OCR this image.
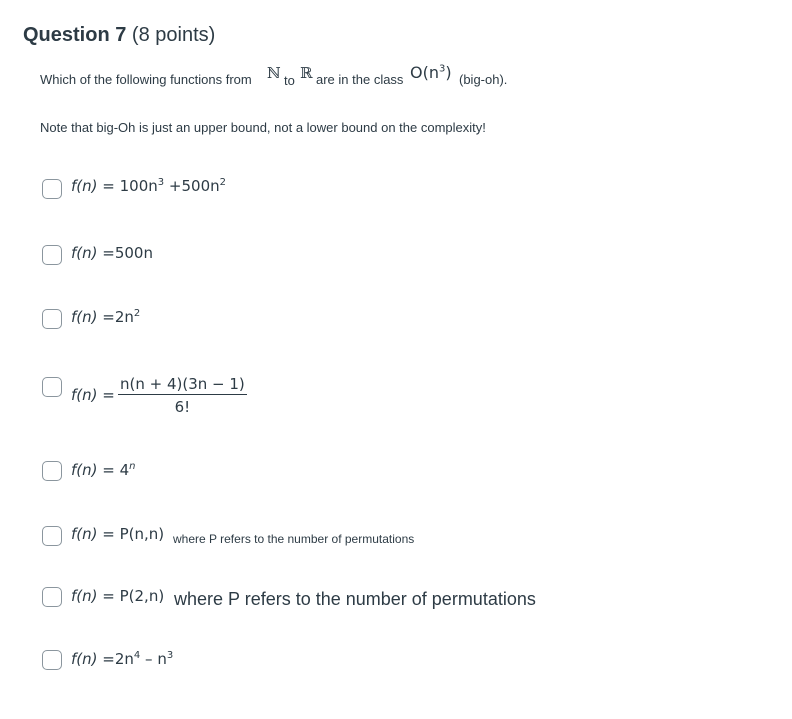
Question 7 (8 points)
Which of the following functions from ℕ to ℝ are in the class $O(n^3)$ (big-oh).
Note that big-Oh is just an upper bound, not a lower bound on the complexity!
$f(n) = 100n^3 +500n^2$
f(n) =500n
$f(n) =2n^2$
$f(n) = \frac{n(n + 4)(3n - 1)}{6!}$
$f(n) = 4^n$
f(n) = P(n,n) where P refers to the number of permutations
f(n) = P(2,n) where P refers to the number of permutations
$f(n) =2n^4 - n^3$
